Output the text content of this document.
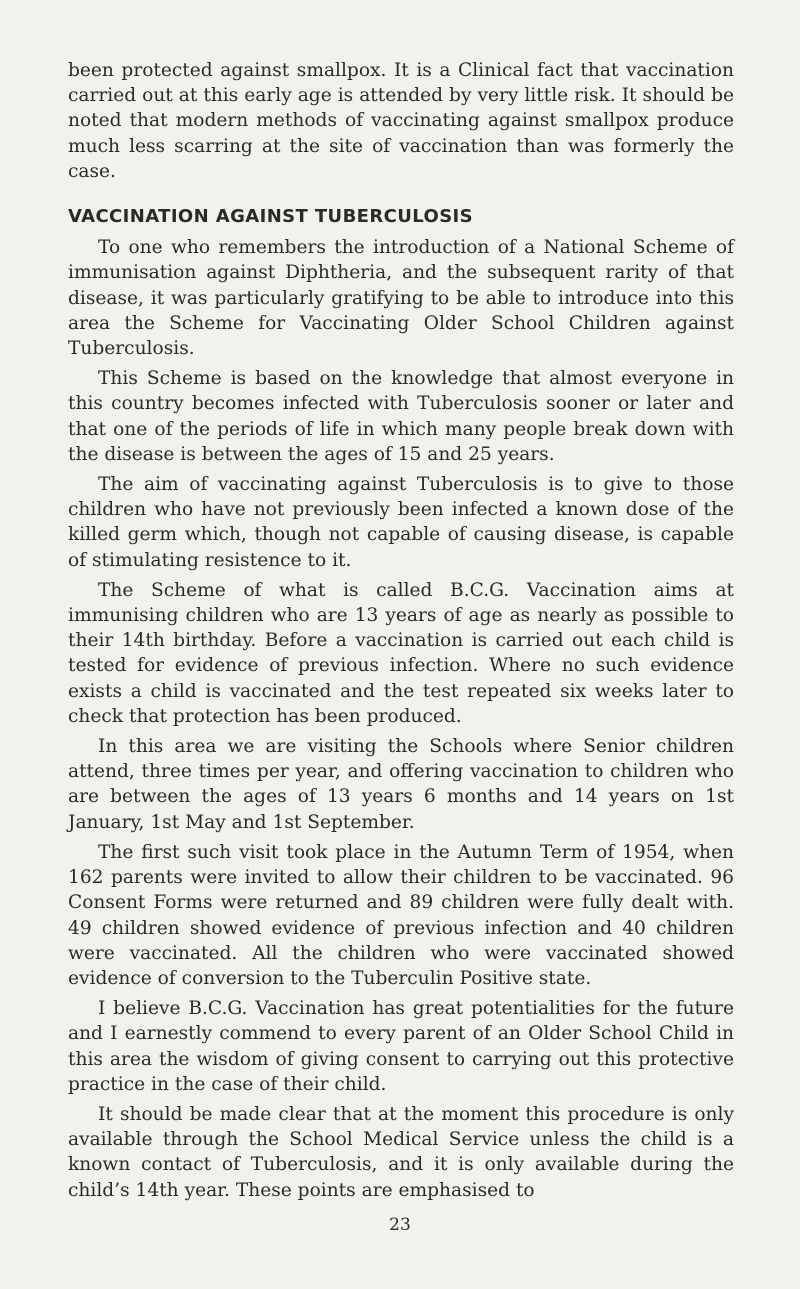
been protected against smallpox. It is a Clinical fact that vaccination carried out at this early age is attended by very little risk. It should be noted that modern methods of vaccinating against smallpox produce much less scarring at the site of vaccination than was formerly the case.

VACCINATION AGAINST TUBERCULOSIS

To one who remembers the introduction of a National Scheme of immunisation against Diphtheria, and the subsequent rarity of that disease, it was particularly gratifying to be able to introduce into this area the Scheme for Vaccinating Older School Children against Tuberculosis.

This Scheme is based on the knowledge that almost everyone in this country becomes infected with Tuberculosis sooner or later and that one of the periods of life in which many people break down with the disease is between the ages of 15 and 25 years.

The aim of vaccinating against Tuberculosis is to give to those children who have not previously been infected a known dose of the killed germ which, though not capable of causing disease, is capable of stimulating resistence to it.

The Scheme of what is called B.C.G. Vaccination aims at immunising children who are 13 years of age as nearly as possible to their 14th birthday. Before a vaccination is carried out each child is tested for evidence of previous infection. Where no such evidence exists a child is vaccinated and the test repeated six weeks later to check that protection has been produced.

In this area we are visiting the Schools where Senior children attend, three times per year, and offering vaccination to children who are between the ages of 13 years 6 months and 14 years on 1st January, 1st May and 1st September.

The first such visit took place in the Autumn Term of 1954, when 162 parents were invited to allow their children to be vaccinated. 96 Consent Forms were returned and 89 children were fully dealt with. 49 children showed evidence of previous infection and 40 children were vaccinated. All the children who were vaccinated showed evidence of conversion to the Tuberculin Positive state.

I believe B.C.G. Vaccination has great potentialities for the future and I earnestly commend to every parent of an Older School Child in this area the wisdom of giving consent to carrying out this protective practice in the case of their child.

It should be made clear that at the moment this procedure is only available through the School Medical Service unless the child is a known contact of Tuberculosis, and it is only available during the child’s 14th year. These points are emphasised to

23
